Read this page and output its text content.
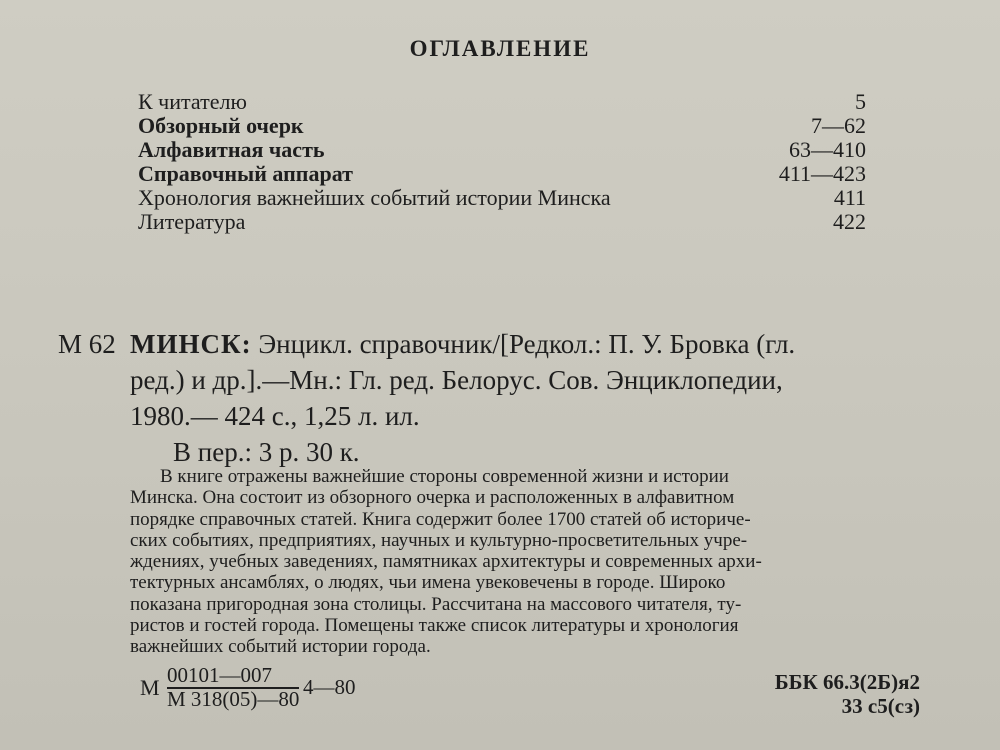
ОГЛАВЛЕНИЕ
К читателю	5
Обзорный очерк	7—62
Алфавитная часть	63—410
Справочный аппарат	411—423
Хронология важнейших событий истории Минска	411
Литература	422
М 62 МИНСК: Энцикл. справочник/[Редкол.: П. У. Бровка (гл.
ред.) и др.].—Мн.: Гл. ред. Белорус. Сов. Энциклопедии,
1980.— 424 с., 1,25 л. ил.
В пер.: 3 р. 30 к.
В книге отражены важнейшие стороны современной жизни и истории
Минска. Она состоит из обзорного очерка и расположенных в алфавитном
порядке справочных статей. Книга содержит более 1700 статей об историче-
ских событиях, предприятиях, научных и культурно-просветительных учре-
ждениях, учебных заведениях, памятниках архитектуры и современных архи-
тектурных ансамблях, о людях, чьи имена увековечены в городе. Широко
показана пригородная зона столицы. Рассчитана на массового читателя, ту-
ристов и гостей города. Помещены также список литературы и хронология
важнейших событий истории города.
М 00101—007
М 318(05)—80 4—80	ББК 66.3(2Б)я2
33 с5(сз)
